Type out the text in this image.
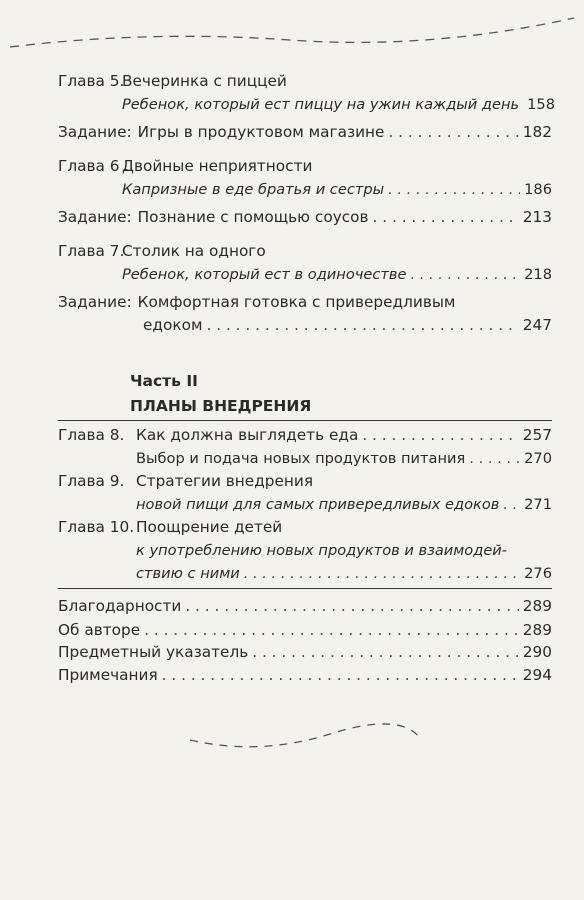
Глава 5.
Вечеринка с пиццей
Ребенок, который ест пиццу на ужин каждый день 158
Задание: Игры в продуктовом магазине . . .	182
Глава 6 .
Двойные неприятности
Капризные в еде братья и сестры . . .	186
Задание: Познание с помощью соусов . . .	213
Глава 7.
Столик на одного
Ребенок, который ест в одиночестве . . .	218
Задание: Комфортная готовка с привередливым
едоком . . .	247
Часть II
ПЛАНЫ ВНЕДРЕНИЯ
Глава 8. Как должна выглядеть еда . . .	257
Выбор и подача новых продуктов питания . . .	270
Глава 9. Стратегии внедрения
новой пищи для самых привередливых едоков . . . 271
Глава 10. Поощрение детей
к употреблению новых продуктов и взаимодей-
ствию с ними . . .	276
Благодарности . . .	289
Об авторе . . .	289
Предметный указатель . . .	290
Примечания . . .	294
